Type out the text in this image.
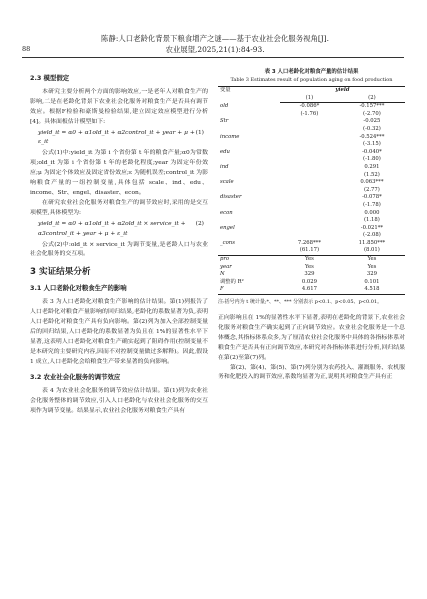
陈静:人口老龄化背景下粮食增产之谜——基于农业社会化服务视角[J].
农业展望,2025,21(1):84-93.
88
2.3 模型假定

本研究主要分析两个方面的影响效应,一是老年人对粮食生产的影响,二是在老龄化背景下农业社会化服务对粮食生产是否具有调节效应。根据F检验和豪斯曼检验结果,建立固定效应模型进行分析[4]。具体面板估计模型如下:

yield_it = α0 + α1old_it + α2control_it + year + μ + ε_it
(1)

公式(1)中:yield_it 为第 i 个省份第 t 年的粮食产量;α0为常数项;old_it 为第 i 个省份第 t 年的老龄化程度;year 为固定年份效应;μ 为固定个体效应及固定省份效应;ε 为随机误差;control_it 为影响粮食产量的一组控制变量,具体包括 scale、ind、edu、income、Str、engel、disaster、econ。

在研究农业社会化服务对粮食生产的调节效应时,采用的是交互项模型,具体模型为:

yield_it = α0 + α1old_it + α2old_it × service_it + α3control_it + year + μ + ε_it
(2)

公式(2)中:old_it × service_it 为调节变量,是老龄人口与农业社会化服务的交互项。

3 实证结果分析
3.1 人口老龄化对粮食生产的影响

表 3 为人口老龄化对粮食生产影响的估计结果。第(1)列报告了人口老龄化对粮食产量影响的回归结果,老龄化的系数显著为负,表明人口老龄化对粮食生产具有负向影响。第(2)列为加入全部控制变量后的回归结果,人口老龄化的系数显著为负且在 1%的显著性水平下显著,这表明人口老龄化对粮食生产确实起到了阻碍作用(控制变量不是本研究的主要研究内容,因而不对控制变量做过多解释)。因此,假设 1 成立,人口老龄化会给粮食生产带来显著的负向影响。

3.2 农业社会化服务的调节效应

表 4 为农业社会化服务的调节效应估计结果。第(1)列为农业社会化服务整体的调节效应,引入人口老龄化与农业社会化服务的交互项作为调节变量。结果显示,农业社会化服务对粮食生产具有

表 3 人口老龄化对粮食产量的估计结果
Table 3 Estimates result of population aging on food production
变量	yield	
	(1)	(2)
old	-0.086*	-0.157***
	(-1.76)	(-2.70)
Str		-0.025
		(-0.32)
income		-0.524***
		(-3.15)
edu		-0.040*
		(-1.80)
ind		0.291
		(1.52)
scale		0.063***
		(2.77)
disaster		-0.078*
		(-1.78)
econ		0.000
		(1.18)
engel		-0.021**
		(-2.08)
_cons	7.268***	11.850***
	(61.17)	(8.01)
pro	Yes	Yes
year	Yes	Yes
N	329	329
调整的 R²	0.029	0.101
F	4.617	4.518
注:括号内为 t 统计量;*、**、*** 分别表示 p<0.1、p<0.05、p<0.01。

正向影响且在 1%的显著性水平下显著,表明在老龄化的背景下,农业社会化服务对粮食生产确实起到了正向调节效应。农业社会化服务是一个总体概念,其指标体系众多,为了厘清农业社会化服务中具体的各指标体系对粮食生产是否具有正向调节效应,本研究对各指标体系进行分析,回归结果在第(2)至第(7)列。

第(2)、第(4)、第(5)、第(7)列分别为农药投入、灌溉服务、农机服务和化肥投入的调节效应,系数均显著为正,说明其对粮食生产具有正
